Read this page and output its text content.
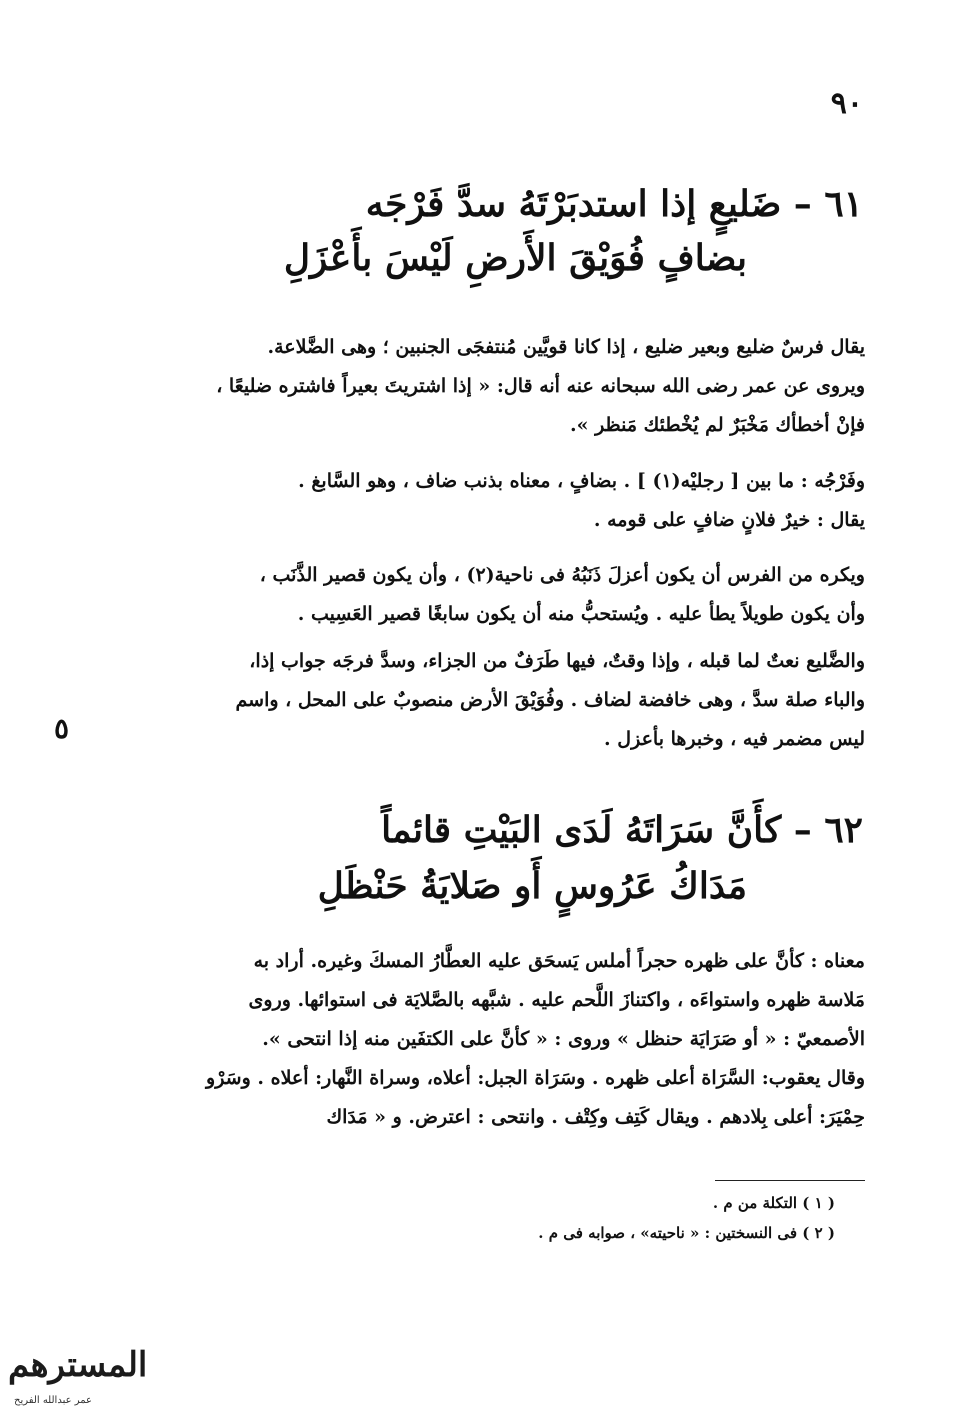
٩٠
٦١ – ضَليعٍ إذا استدبَرْتَهُ سدَّ فَرْجَه
بضافٍ فُوَيْقَ الأَرضِ لَيْسَ بأَعْزَلِ
يقال فرسٌ ضليع وبعير ضليع ، إذا كانا قويَّين مُنتفجَى الجنبين ؛ وهى الضَّلاعة.
ويروى عن عمر رضى الله سبحانه عنه أنه قال: « إذا اشتريتَ بعيراً فاشتره ضليعًا ،
فإنْ أخطأك مَخْبَرٌ لم يُخْطئك مَنظر ».
وفَرْجُه : ما بين [ رجليْه(١) ] . بضافٍ ، معناه بذنب ضاف ، وهو السَّابغ .
يقال : خيرٌ فلانٍ ضافٍ على قومه .
ويكره من الفرس أن يكون أعزلَ ذَنَبُهُ فى ناحية(٢) ، وأن يكون قصير الذَّنَب ،
وأن يكون طويلاً يطأ عليه . ويُستحبُّ منه أن يكون سابغًا قصير العَسِيب .
والضَّليع نعتٌ لما قبله ، وإذا وقتٌ، فيها طَرَفٌ من الجزاء، وسدَّ فرجَه جواب إذا،
والباء صلة سدَّ ، وهى خافضة لضاف . وفُوَيْقَ الأرض منصوبٌ على المحل ، واسم
ليس مضمر فيه ، وخبرها بأعزل .
٥
٦٢ – كأَنَّ سَرَاتَهُ لَدَى البَيْتِ قائماً
مَدَاكُ عَرُوسٍ أَو صَلايَةُ حَنْظَلِ
معناه : كأنَّ على ظهره حجراً أملس يَسحَق عليه العطَّارُ المسكَ وغيره. أراد به
مَلاسة ظهره واستواءَه ، واكتنازَ اللَّحم عليه . شبَّهه بالصَّلايَة فى استوائها. وروى
الأصمعيّ : « أو صَرَايَة حنظل » وروى : « كأنَّ على الكتفَين منه إذا انتحى ».
وقال يعقوب: السَّرَاة أعلى ظهره . وسَرَاة الجبل: أعلاه، وسراة النَّهار: أعلاه . وسَرْو
حِمْيَرَ: أعلى بِلادهم . ويقال كَتِف وكِتْف . وانتحى : اعترض. و « مَدَاك
( ١ ) التكلة من م .
( ٢ ) فى النسختين : « ناحيته» ، صوابه فى م .
المسترهم
عمر عبدالله الفريح
